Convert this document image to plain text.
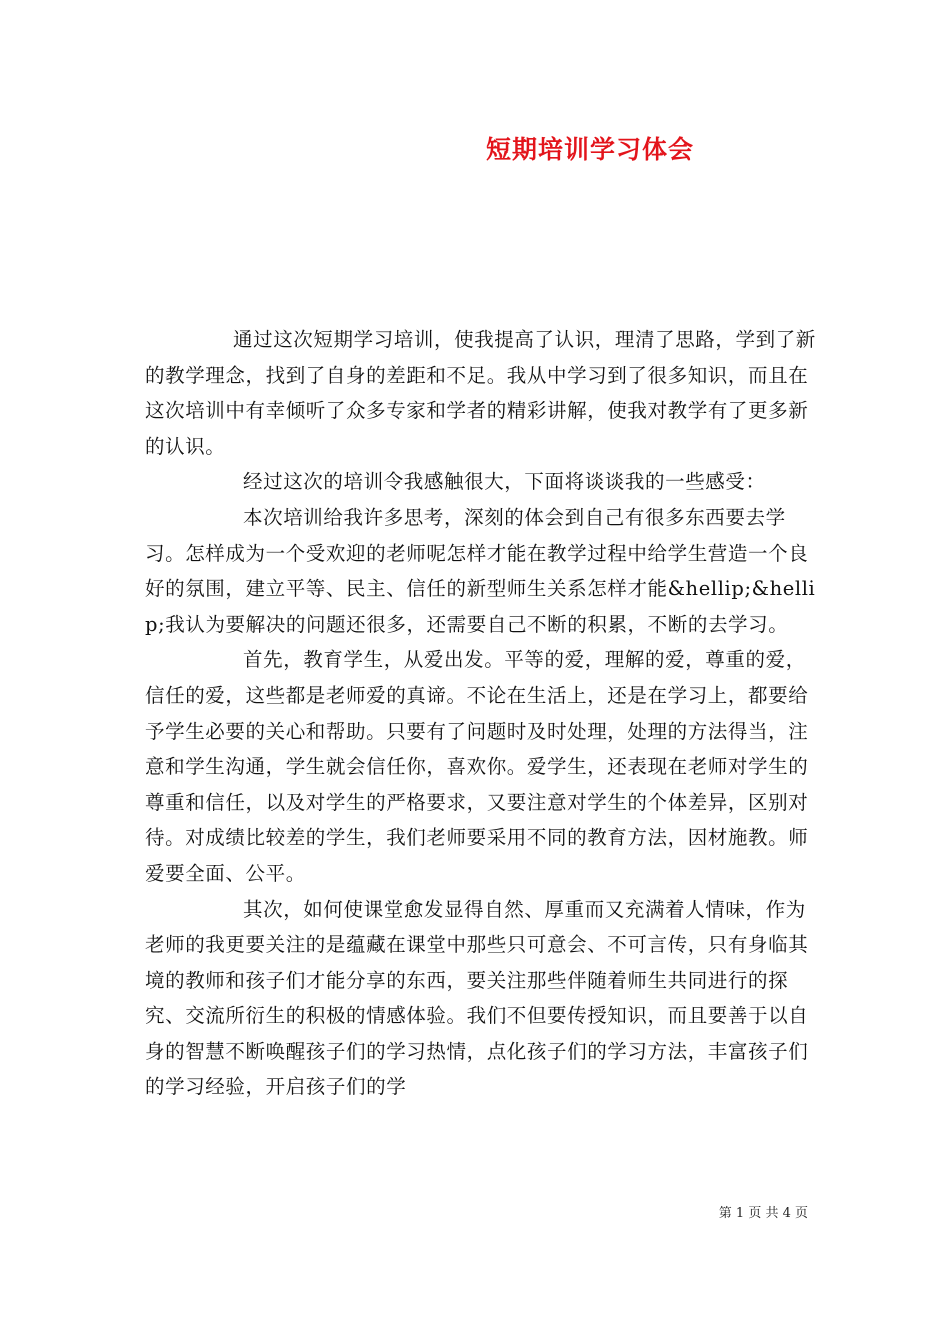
短期培训学习体会

通过这次短期学习培训，使我提高了认识，理清了思路，学到了新的教学理念，找到了自身的差距和不足。我从中学习到了很多知识，而且在这次培训中有幸倾听了众多专家和学者的精彩讲解，使我对教学有了更多新的认识。

经过这次的培训令我感触很大，下面将谈谈我的一些感受：

本次培训给我许多思考，深刻的体会到自己有很多东西要去学习。怎样成为一个受欢迎的老师呢怎样才能在教学过程中给学生营造一个良好的氛围，建立平等、民主、信任的新型师生关系怎样才能&hellip;&hellip;我认为要解决的问题还很多，还需要自己不断的积累，不断的去学习。

首先，教育学生，从爱出发。平等的爱，理解的爱，尊重的爱，信任的爱，这些都是老师爱的真谛。不论在生活上，还是在学习上，都要给予学生必要的关心和帮助。只要有了问题时及时处理，处理的方法得当，注意和学生沟通，学生就会信任你，喜欢你。爱学生，还表现在老师对学生的尊重和信任，以及对学生的严格要求，又要注意对学生的个体差异，区别对待。对成绩比较差的学生，我们老师要采用不同的教育方法，因材施教。师爱要全面、公平。

其次，如何使课堂愈发显得自然、厚重而又充满着人情味，作为老师的我更要关注的是蕴藏在课堂中那些只可意会、不可言传，只有身临其境的教师和孩子们才能分享的东西，要关注那些伴随着师生共同进行的探究、交流所衍生的积极的情感体验。我们不但要传授知识，而且要善于以自身的智慧不断唤醒孩子们的学习热情，点化孩子们的学习方法，丰富孩子们的学习经验，开启孩子们的学

第 1 页 共 4 页
